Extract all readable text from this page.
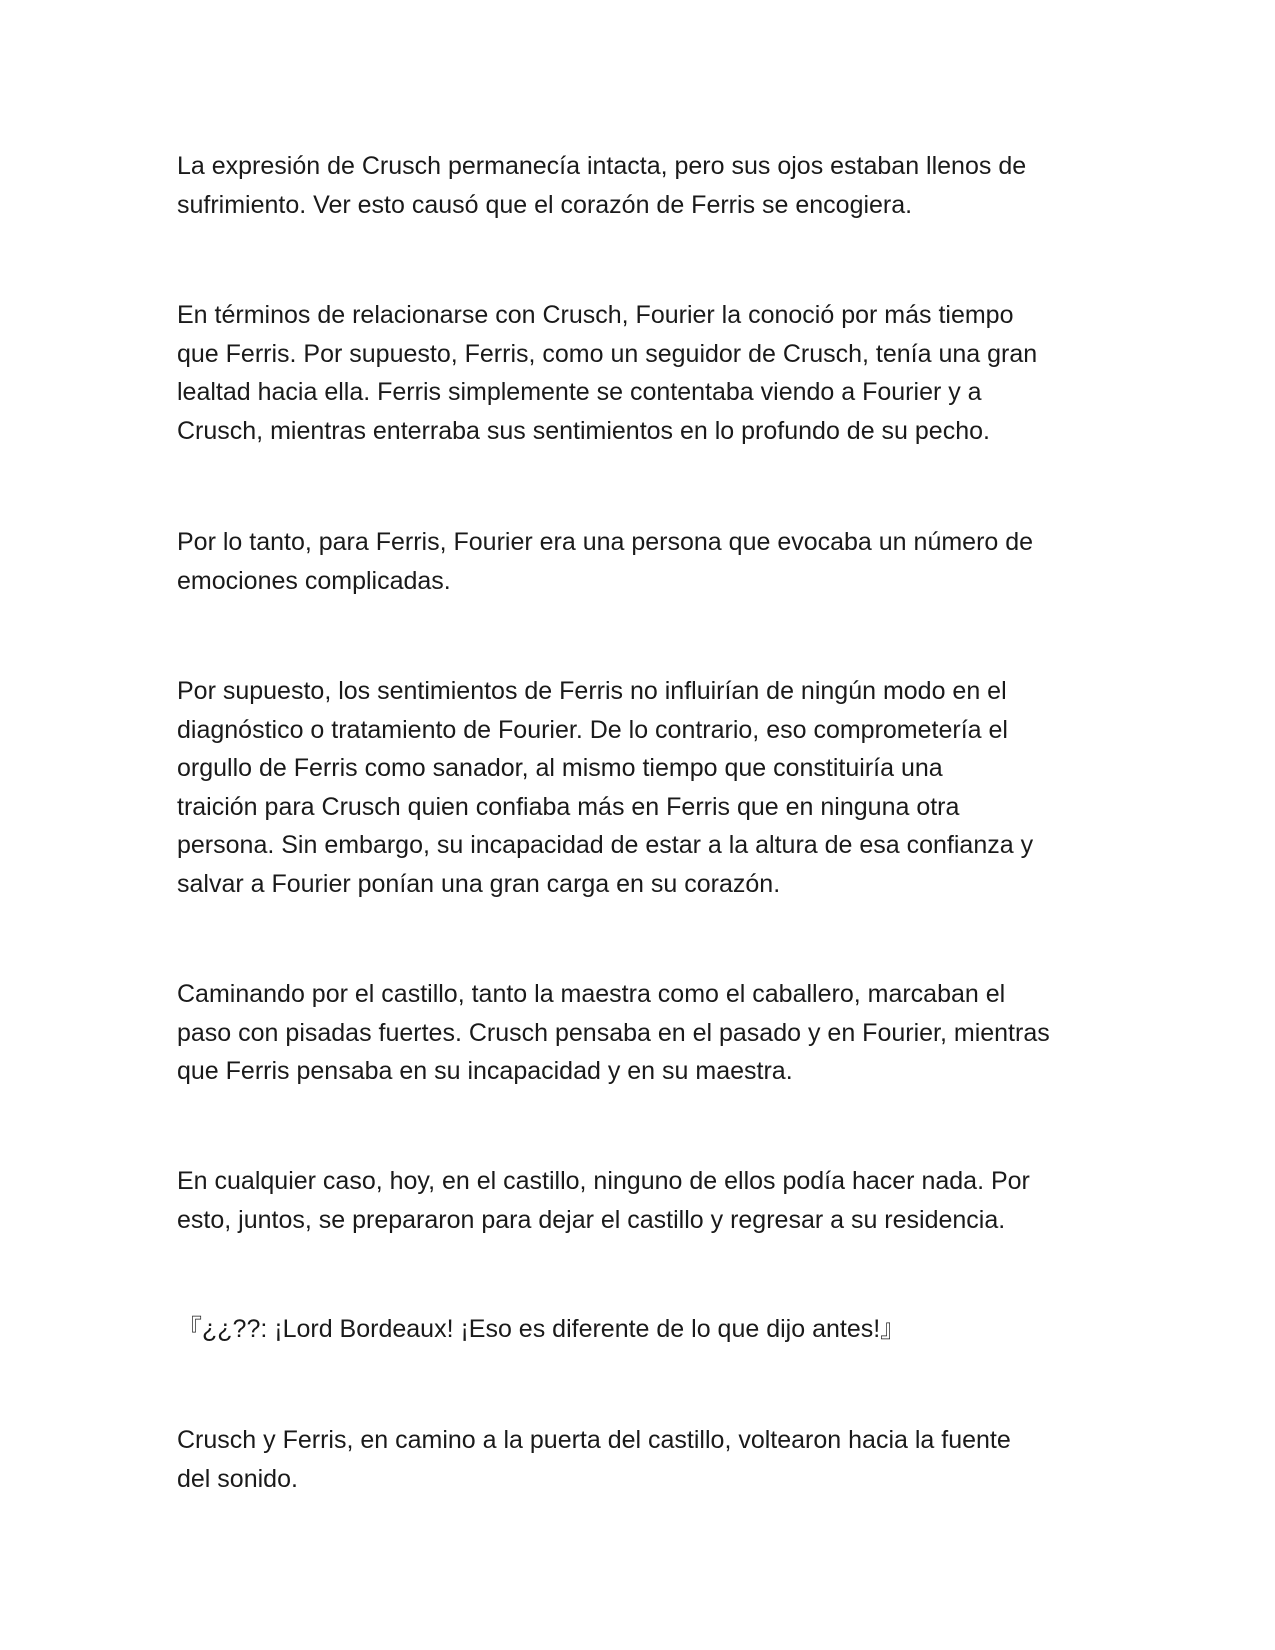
La expresión de Crusch permanecía intacta, pero sus ojos estaban llenos de
sufrimiento. Ver esto causó que el corazón de Ferris se encogiera.

En términos de relacionarse con Crusch, Fourier la conoció por más tiempo
que Ferris. Por supuesto, Ferris, como un seguidor de Crusch, tenía una gran
lealtad hacia ella. Ferris simplemente se contentaba viendo a Fourier y a
Crusch, mientras enterraba sus sentimientos en lo profundo de su pecho.

Por lo tanto, para Ferris, Fourier era una persona que evocaba un número de
emociones complicadas.

Por supuesto, los sentimientos de Ferris no influirían de ningún modo en el
diagnóstico o tratamiento de Fourier. De lo contrario, eso comprometería el
orgullo de Ferris como sanador, al mismo tiempo que constituiría una
traición para Crusch quien confiaba más en Ferris que en ninguna otra
persona. Sin embargo, su incapacidad de estar a la altura de esa confianza y
salvar a Fourier ponían una gran carga en su corazón.

Caminando por el castillo, tanto la maestra como el caballero, marcaban el
paso con pisadas fuertes. Crusch pensaba en el pasado y en Fourier, mientras
que Ferris pensaba en su incapacidad y en su maestra.

En cualquier caso, hoy, en el castillo, ninguno de ellos podía hacer nada. Por
esto, juntos, se prepararon para dejar el castillo y regresar a su residencia.

『¿¿??: ¡Lord Bordeaux! ¡Eso es diferente de lo que dijo antes!』

Crusch y Ferris, en camino a la puerta del castillo, voltearon hacia la fuente
del sonido.
